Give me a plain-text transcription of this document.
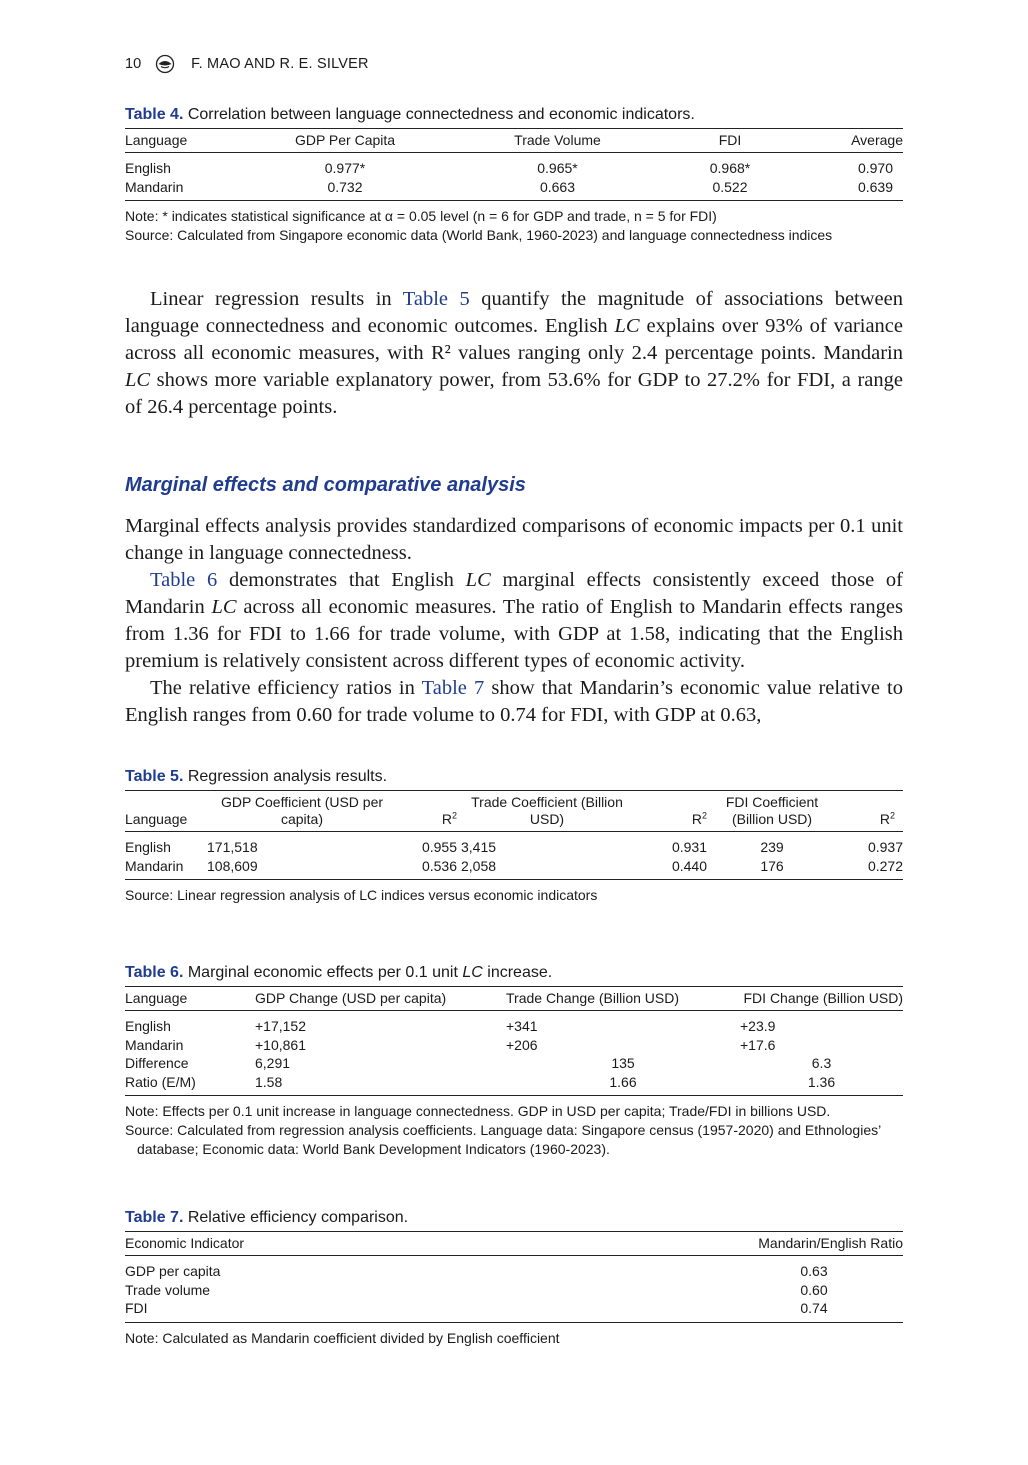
10	F. MAO AND R. E. SILVER
Table 4. Correlation between language connectedness and economic indicators.
Language	GDP Per Capita	Trade Volume	FDI	Average
English	0.977*	0.965*	0.968*	0.970
Mandarin	0.732	0.663	0.522	0.639
Note: * indicates statistical significance at α = 0.05 level (n = 6 for GDP and trade, n = 5 for FDI)
Source: Calculated from Singapore economic data (World Bank, 1960-2023) and language connectedness indices

Linear regression results in Table 5 quantify the magnitude of associations between language connectedness and economic outcomes. English LC explains over 93% of variance across all economic measures, with R² values ranging only 2.4 percentage points. Mandarin LC shows more variable explanatory power, from 53.6% for GDP to 27.2% for FDI, a range of 26.4 percentage points.

Marginal effects and comparative analysis

Marginal effects analysis provides standardized comparisons of economic impacts per 0.1 unit change in language connectedness.

Table 6 demonstrates that English LC marginal effects consistently exceed those of Mandarin LC across all economic measures. The ratio of English to Mandarin effects ranges from 1.36 for FDI to 1.66 for trade volume, with GDP at 1.58, indicating that the English premium is relatively consistent across different types of economic activity.

The relative efficiency ratios in Table 7 show that Mandarin’s economic value relative to English ranges from 0.60 for trade volume to 0.74 for FDI, with GDP at 0.63,

Table 5. Regression analysis results.
Language	GDP Coefficient (USD per capita)	$R^2$	Trade Coefficient (Billion USD)	$R^2$	FDI Coefficient (Billion USD)	$R^2$
English	171,518	0.955	3,415	0.931	239	0.937
Mandarin	108,609	0.536	2,058	0.440	176	0.272
Source: Linear regression analysis of LC indices versus economic indicators
Table 6. Marginal economic effects per 0.1 unit LC increase.
Language	GDP Change (USD per capita)	Trade Change (Billion USD)	FDI Change (Billion USD)
English	+17,152	+341	+23.9
Mandarin	+10,861	+206	+17.6
Difference	6,291	135	6.3
Ratio (E/M)	1.58	1.66	1.36
Note: Effects per 0.1 unit increase in language connectedness. GDP in USD per capita; Trade/FDI in billions USD.
Source: Calculated from regression analysis coefficients. Language data: Singapore census (1957-2020) and Ethnologies’
database; Economic data: World Bank Development Indicators (1960-2023).
Table 7. Relative efficiency comparison.
Economic Indicator	Mandarin/English Ratio
GDP per capita	0.63
Trade volume	0.60
FDI	0.74
Note: Calculated as Mandarin coefficient divided by English coefficient
